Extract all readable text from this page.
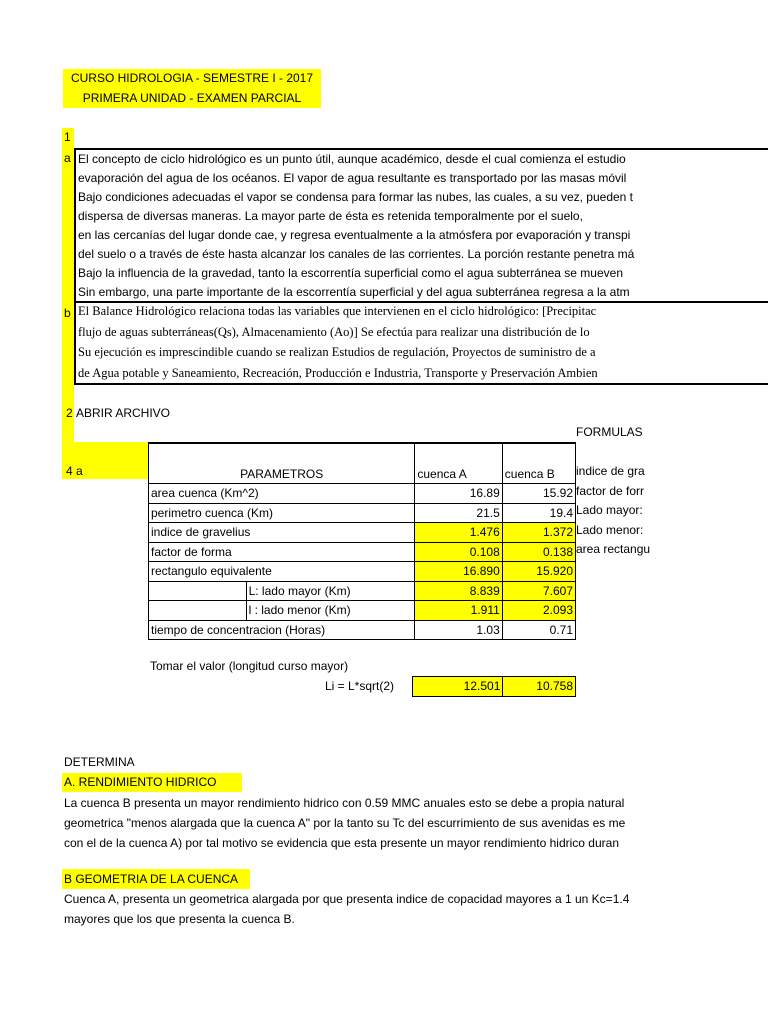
CURSO HIDROLOGIA - SEMESTRE I - 2017
PRIMERA UNIDAD - EXAMEN PARCIAL
1
a
b
El concepto de ciclo hidrológico es un punto útil, aunque académico, desde el cual comienza el estudio
evaporación del agua de los océanos. El vapor de agua resultante es transportado por las masas móvil
Bajo condiciones adecuadas el vapor se condensa para formar las nubes, las cuales, a su vez, pueden t
dispersa de diversas maneras. La mayor parte de ésta es retenida temporalmente por el suelo,
en las cercanías del lugar donde cae, y regresa eventualmente a la atmósfera por evaporación y transpi
del suelo o a través de éste hasta alcanzar los canales de las corrientes. La porción restante penetra má
Bajo la influencia de la gravedad, tanto la escorrentía superficial como el agua subterránea se mueven
Sin embargo, una parte importante de la escorrentía superficial y del agua subterránea regresa a la atm
El Balance Hidrológico relaciona todas las variables que intervienen en el ciclo hidrológico: [Precipitac
flujo de aguas subterráneas(Qs), Almacenamiento (Ao)] Se efectúa para realizar una distribución de lo
Su ejecución es imprescindible cuando se realizan Estudios de regulación, Proyectos de suministro de a
de Agua potable y Saneamiento, Recreación, Producción e Industria, Transporte y Preservación Ambien
2 ABRIR ARCHIVO
FORMULAS
4 a	PARAMETROS		cuenca A	cuenca B
area cuenca (Km^2)		16.89	15.92
perimetro cuenca (Km)		21.5	19.4
indice de gravelius		1.476	1.372
factor de forma		0.108	0.138
rectangulo equivalente		16.890	15.920
	L: lado mayor (Km)	8.839	7.607
	l : lado menor (Km)	1.911	2.093
tiempo de concentracion (Horas)		1.03	0.71
indice de gra
factor de forr
Lado mayor:
Lado menor:
area rectangu
Tomar el valor (longitud curso mayor)
Li = L*sqrt(2)	12.501	10.758
DETERMINA
A. RENDIMIENTO HIDRICO
La cuenca B presenta un mayor rendimiento hidrico con 0.59 MMC anuales esto se debe a propia natural
geometrica "menos alargada que la cuenca A" por la tanto su Tc del escurrimiento de sus avenidas es me
con el de la cuenca A) por tal motivo se evidencia que esta presente un mayor rendimiento hidrico duran
B GEOMETRIA DE LA CUENCA
Cuenca A, presenta un geometrica alargada por que presenta indice de copacidad mayores a 1 un Kc=1.4
mayores que los que presenta la cuenca B.
